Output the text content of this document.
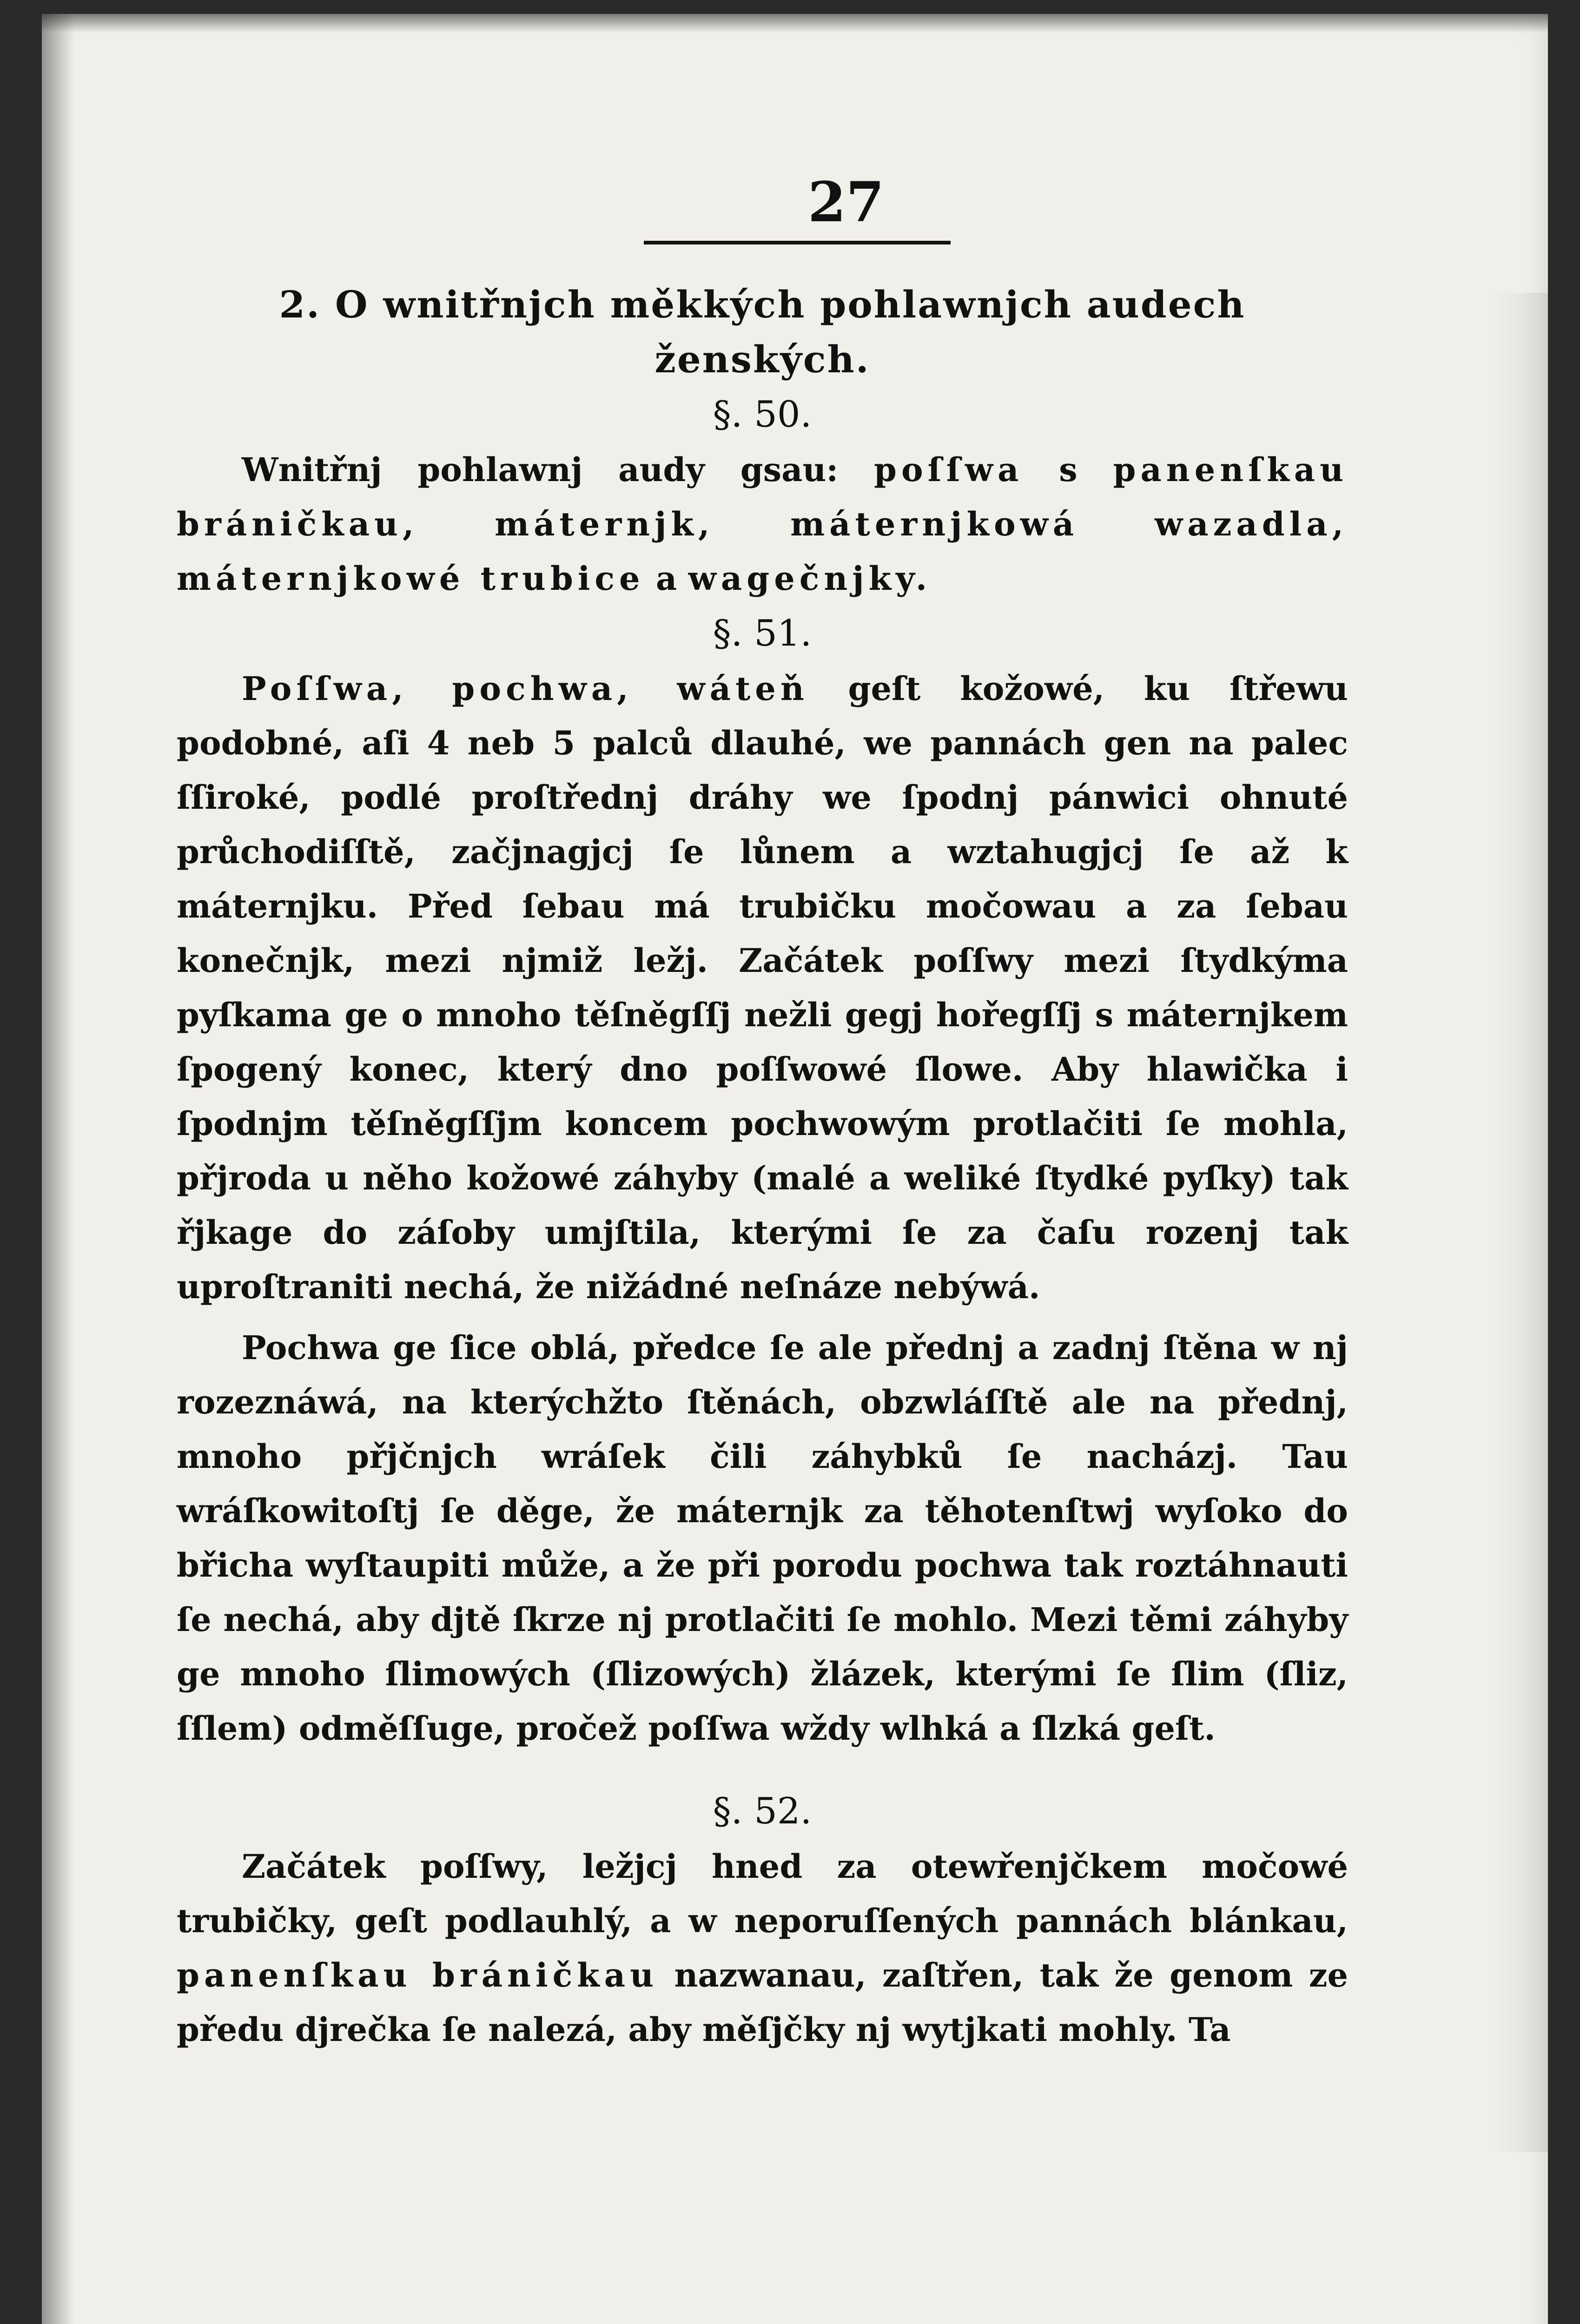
27
2. O wnitřnjch měkkých pohlawnjch audech
ženských.
§. 50.

Wnitřnj pohlawnj audy gsau: poſſwa s panenſkau bráničkau, máternjk, máternjkowá wazadla, máternjkowé trubice a wagečnjky.

§. 51.

Poſſwa, pochwa, wáteň geſt kožowé, ku ſtřewu podobné, aſi 4 neb 5 palců dlauhé, we pannách gen na palec ſſiroké, podlé proſtřednj dráhy we ſpodnj pánwici ohnuté průchodiſſtě, začjnagjcj ſe lůnem a wztahugjcj ſe až k máternjku. Před ſebau má trubičku močowau a za ſebau konečnjk, mezi njmiž ležj. Začátek poſſwy mezi ſtydkýma pyſkama ge o mnoho těſněgſſj nežli gegj hořegſſj s máternjkem ſpogený konec, který dno poſſwowé ſlowe. Aby hlawička i ſpodnjm těſněgſſjm koncem pochwowým protlačiti ſe mohla, přjroda u něho kožowé záhyby (malé a weliké ſtydké pyſky) tak řjkage do záſoby umjſtila, kterými ſe za čaſu rozenj tak uproſtraniti nechá, že nižádné neſnáze nebýwá.

Pochwa ge ſice oblá, předce ſe ale přednj a zadnj ſtěna w nj rozeznáwá, na kterýchžto ſtěnách, obzwláſſtě ale na přednj, mnoho přjčnjch wráſek čili záhybků ſe nacházj. Tau wráſkowitoſtj ſe děge, že máternjk za těhotenſtwj wyſoko do břicha wyſtaupiti může, a že při porodu pochwa tak roztáhnauti ſe nechá, aby djtě ſkrze nj protlačiti ſe mohlo. Mezi těmi záhyby ge mnoho ſlimowých (ſlizowých) žlázek, kterými ſe ſlim (ſliz, ſſlem) odměſſuge, pročež poſſwa wždy wlhká a ſlzká geſt.

§. 52.

Začátek poſſwy, ležjcj hned za otewřenjčkem močowé trubičky, geſt podlauhlý, a w neporuſſených pannách blánkau, panenſkau bráničkau nazwanau, zaſtřen, tak že genom ze předu djrečka ſe nalezá, aby měſjčky nj wytjkati mohly. Ta
